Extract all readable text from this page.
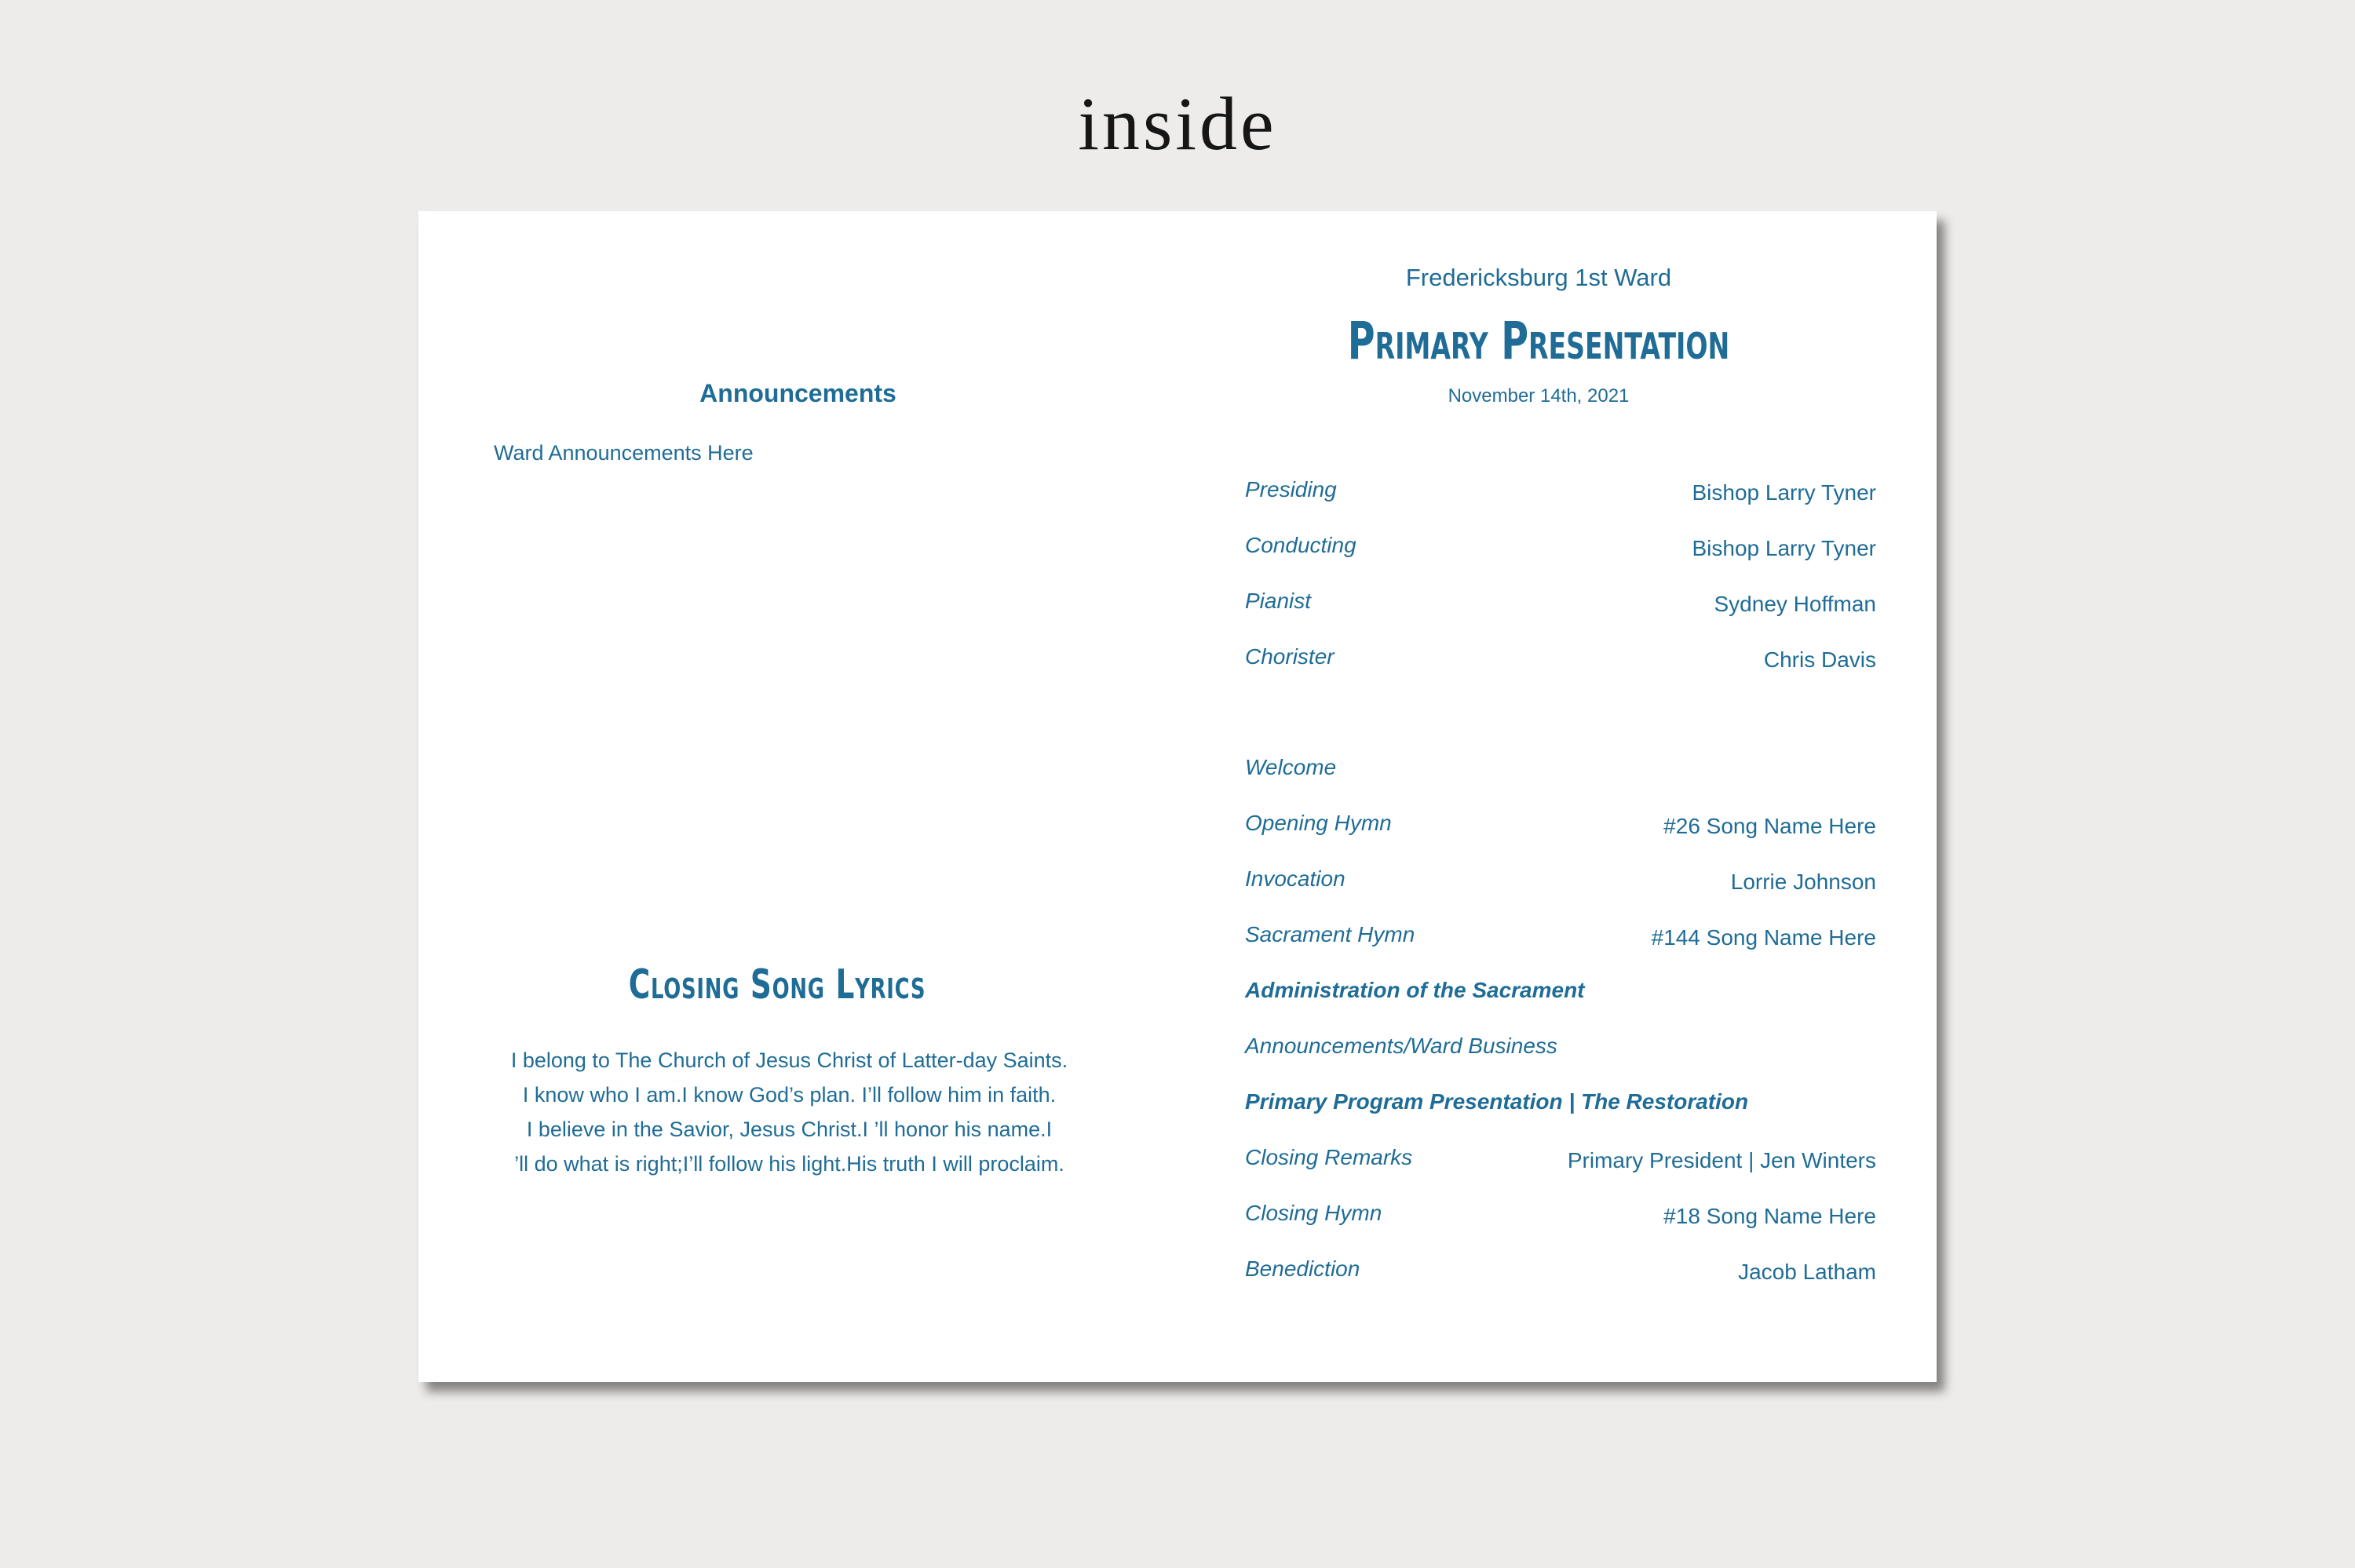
inside
Announcements

Ward Announcements Here

Closing Song Lyrics
I belong to The Church of Jesus Christ of Latter-day Saints.
I know who I am.I know God’s plan. I’ll follow him in faith.
I believe in the Savior, Jesus Christ.I ’ll honor his name.I
’ll do what is right;I’ll follow his light.His truth I will proclaim.

Fredericksburg 1st Ward

Primary Presentation

November 14th, 2021

Presiding	Bishop Larry Tyner
Conducting	Bishop Larry Tyner
Pianist	Sydney Hoffman
Chorister	Chris Davis
Welcome
Opening Hymn	#26 Song Name Here
Invocation	Lorrie Johnson
Sacrament Hymn	#144 Song Name Here
Administration of the Sacrament
Announcements/Ward Business
Primary Program Presentation | The Restoration
Closing Remarks	Primary President | Jen Winters
Closing Hymn	#18 Song Name Here
Benediction	Jacob Latham
